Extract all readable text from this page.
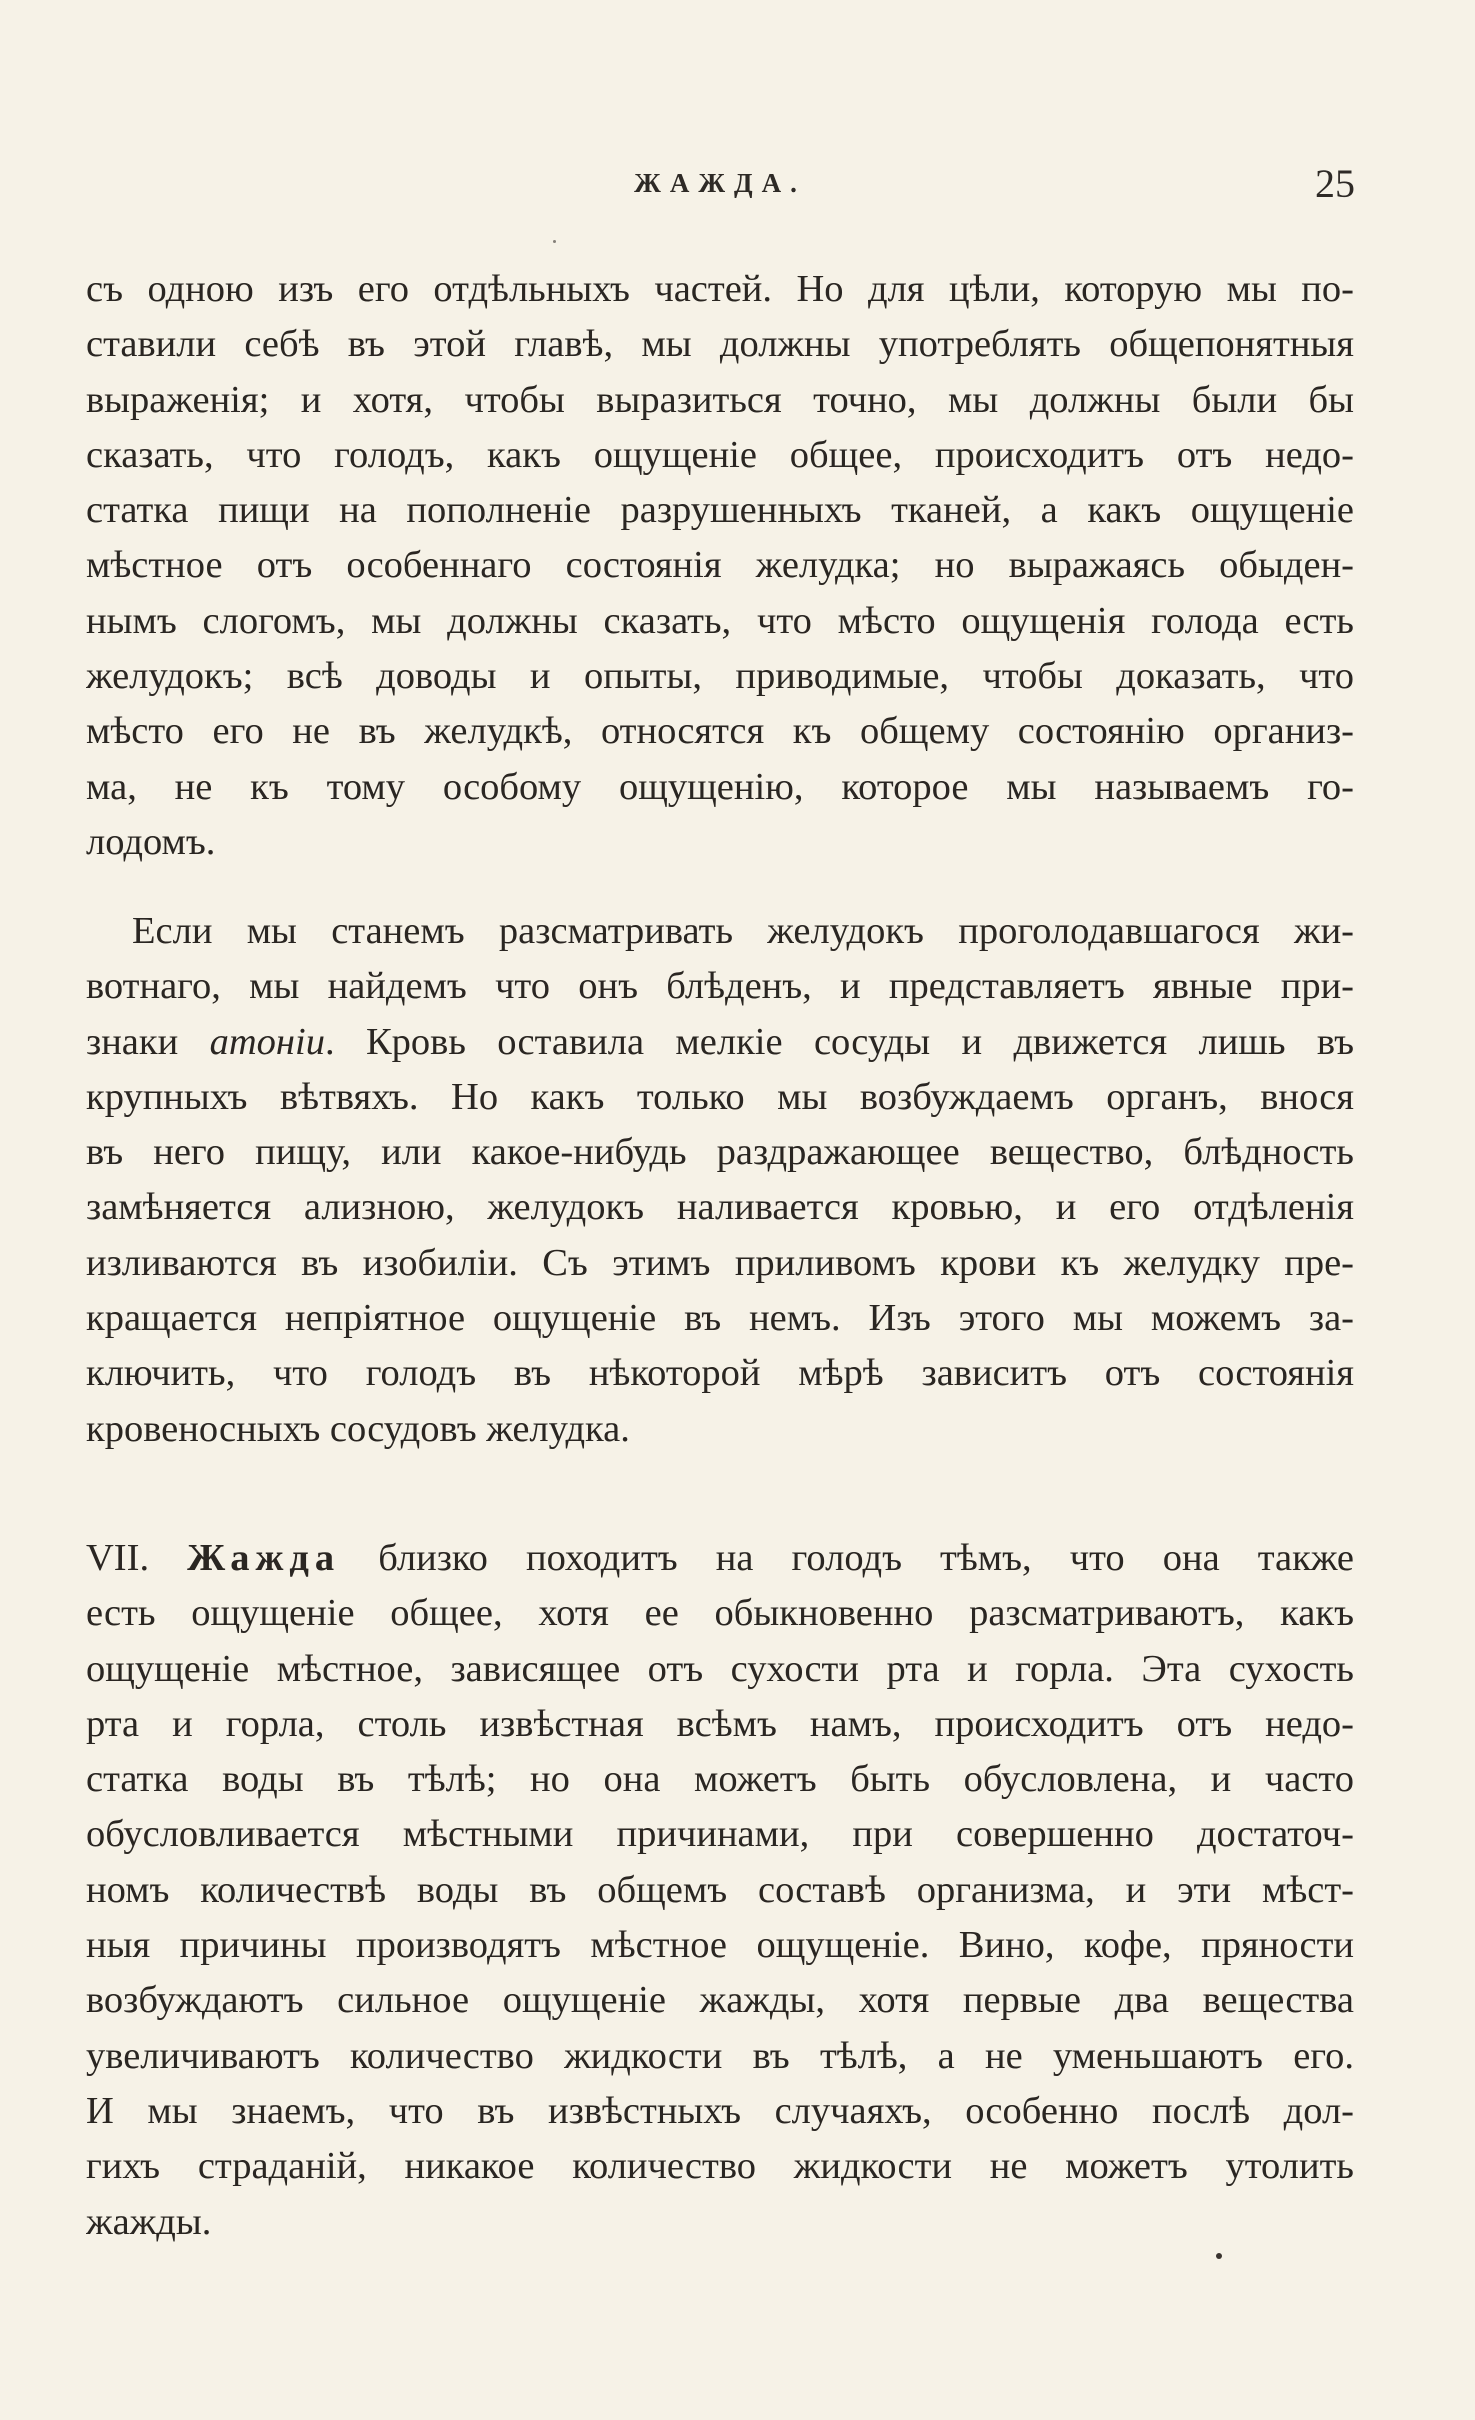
ЖАЖДА.	25
съ одною изъ его отдѣльныхъ частей. Но для цѣли, которую мы по-
ставили себѣ въ этой главѣ, мы должны употреблять общепонятныя
выраженія; и хотя, чтобы выразиться точно, мы должны были бы
сказать, что голодъ, какъ ощущеніе общее, происходитъ отъ недо-
статка пищи на пополненіе разрушенныхъ тканей, а какъ ощущеніе
мѣстное отъ особеннаго состоянія желудка; но выражаясь обыден-
нымъ слогомъ, мы должны сказать, что мѣсто ощущенія голода есть
желудокъ; всѣ доводы и опыты, приводимые, чтобы доказать, что
мѣсто его не въ желудкѣ, относятся къ общему состоянію организ-
ма, не къ тому особому ощущенію, которое мы называемъ го-
лодомъ.
Если мы станемъ разсматривать желудокъ проголодавшагося жи-
вотнаго, мы найдемъ что онъ блѣденъ, и представляетъ явные при-
знаки атоніи. Кровь оставила мелкіе сосуды и движется лишь въ
крупныхъ вѣтвяхъ. Но какъ только мы возбуждаемъ органъ, внося
въ него пищу, или какое-нибудь раздражающее вещество, блѣдность
замѣняется ализною, желудокъ наливается кровью, и его отдѣленія
изливаются въ изобиліи. Съ этимъ приливомъ крови къ желудку пре-
кращается непріятное ощущеніе въ немъ. Изъ этого мы можемъ за-
ключить, что голодъ въ нѣкоторой мѣрѣ зависитъ отъ состоянія
кровеносныхъ сосудовъ желудка.
VII. Жажда близко походитъ на голодъ тѣмъ, что она также
есть ощущеніе общее, хотя ее обыкновенно разсматриваютъ, какъ
ощущеніе мѣстное, зависящее отъ сухости рта и горла. Эта сухость
рта и горла, столь извѣстная всѣмъ намъ, происходитъ отъ недо-
статка воды въ тѣлѣ; но она можетъ быть обусловлена, и часто
обусловливается мѣстными причинами, при совершенно достаточ-
номъ количествѣ воды въ общемъ составѣ организма, и эти мѣст-
ныя причины производятъ мѣстное ощущеніе. Вино, кофе, пряности
возбуждаютъ сильное ощущеніе жажды, хотя первые два вещества
увеличиваютъ количество жидкости въ тѣлѣ, а не уменьшаютъ его.
И мы знаемъ, что въ извѣстныхъ случаяхъ, особенно послѣ дол-
гихъ страданій, никакое количество жидкости не можетъ утолить
жажды.
